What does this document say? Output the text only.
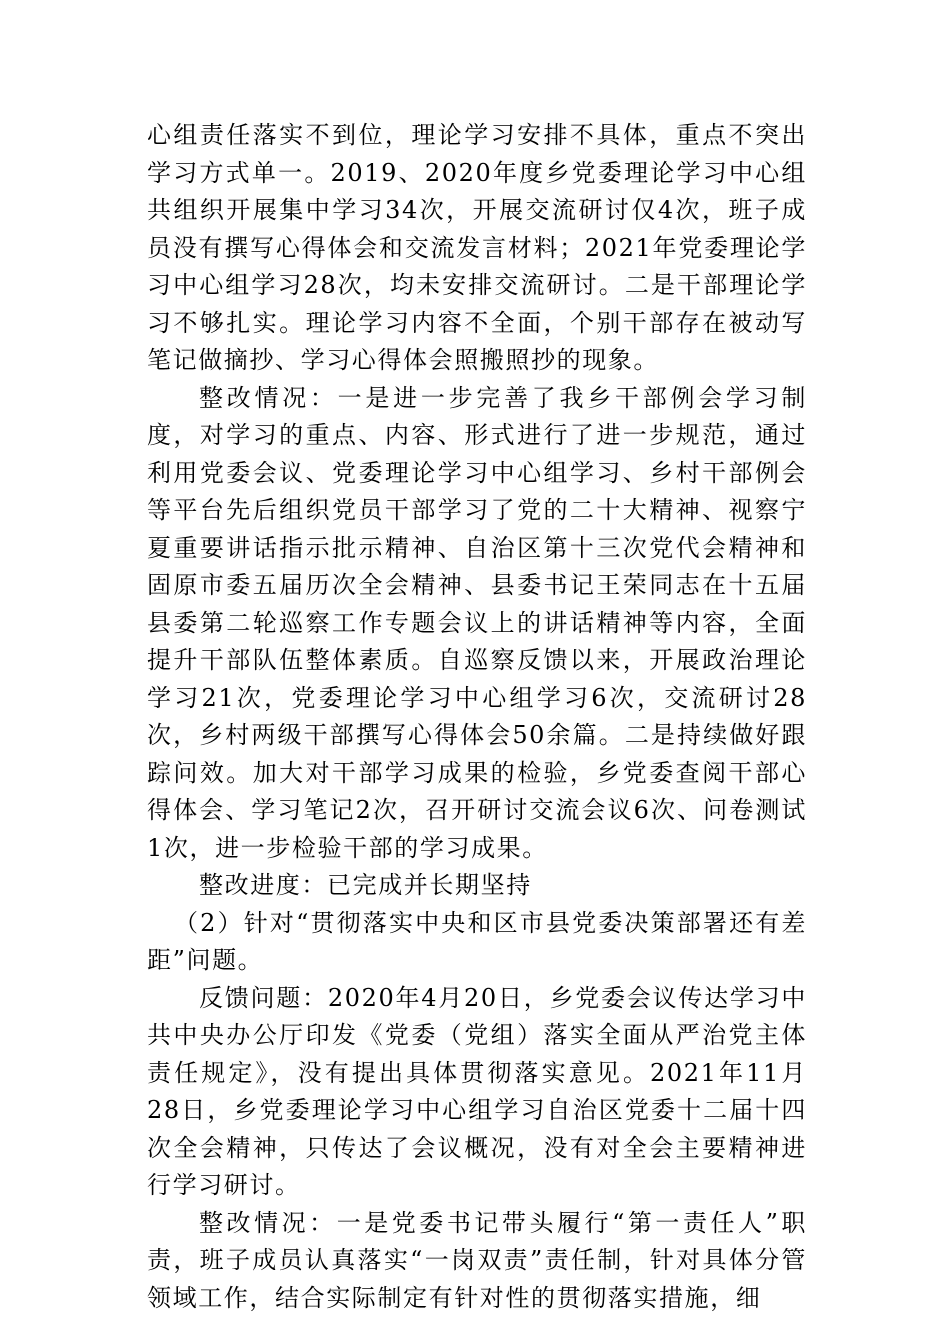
心组责任落实不到位，理论学习安排不具体，重点不突出学习方式单一。2019、2020年度乡党委理论学习中心组共组织开展集中学习34次，开展交流研讨仅4次，班子成员没有撰写心得体会和交流发言材料；2021年党委理论学习中心组学习28次，均未安排交流研讨。二是干部理论学习不够扎实。理论学习内容不全面，个别干部存在被动写笔记做摘抄、学习心得体会照搬照抄的现象。

整改情况：一是进一步完善了我乡干部例会学习制度，对学习的重点、内容、形式进行了进一步规范，通过利用党委会议、党委理论学习中心组学习、乡村干部例会等平台先后组织党员干部学习了党的二十大精神、视察宁夏重要讲话指示批示精神、自治区第十三次党代会精神和固原市委五届历次全会精神、县委书记王荣同志在十五届县委第二轮巡察工作专题会议上的讲话精神等内容，全面提升干部队伍整体素质。自巡察反馈以来，开展政治理论学习21次，党委理论学习中心组学习6次，交流研讨28次，乡村两级干部撰写心得体会50余篇。二是持续做好跟踪问效。加大对干部学习成果的检验，乡党委查阅干部心得体会、学习笔记2次，召开研讨交流会议6次、问卷测试1次，进一步检验干部的学习成果。

整改进度：已完成并长期坚持

（2）针对“贯彻落实中央和区市县党委决策部署还有差距”问题。

反馈问题：2020年4月20日，乡党委会议传达学习中共中央办公厅印发《党委（党组）落实全面从严治党主体责任规定》，没有提出具体贯彻落实意见。2021年11月28日，乡党委理论学习中心组学习自治区党委十二届十四次全会精神，只传达了会议概况，没有对全会主要精神进行学习研讨。

整改情况：一是党委书记带头履行“第一责任人”职责，班子成员认真落实“一岗双责”责任制，针对具体分管领域工作，结合实际制定有针对性的贯彻落实措施，细
